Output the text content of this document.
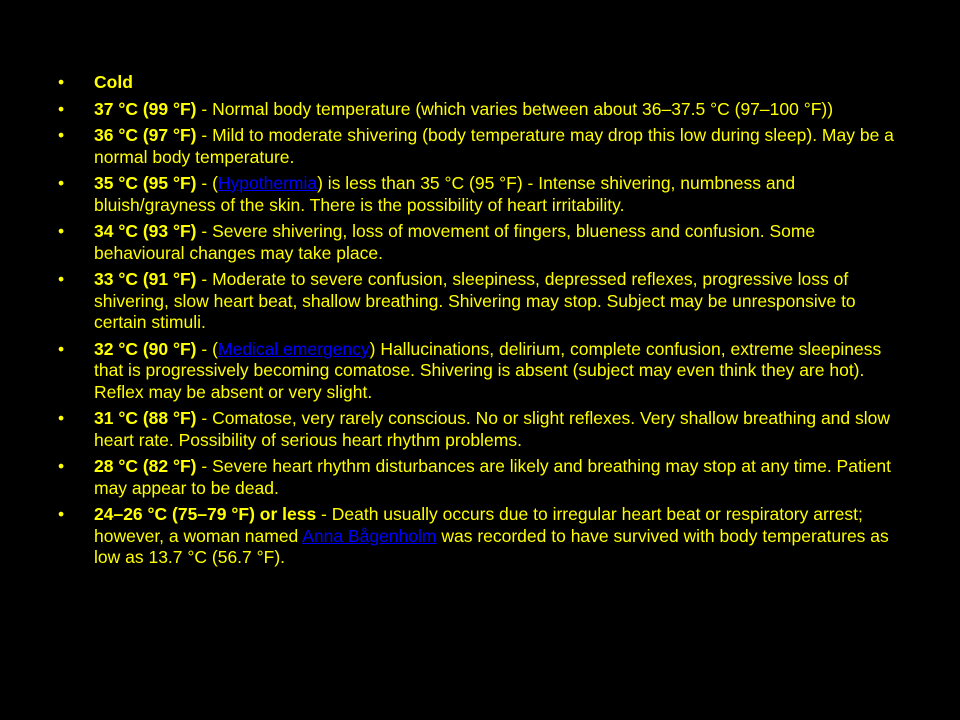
• Cold
• 37 °C (99 °F) - Normal body temperature (which varies between about 36–37.5 °C (97–100 °F))
• 36 °C (97 °F) - Mild to moderate shivering (body temperature may drop this low during sleep). May be a normal body temperature.
• 35 °C (95 °F) - (Hypothermia) is less than 35 °C (95 °F) - Intense shivering, numbness and bluish/grayness of the skin. There is the possibility of heart irritability.
• 34 °C (93 °F) - Severe shivering, loss of movement of fingers, blueness and confusion. Some behavioural changes may take place.
• 33 °C (91 °F) - Moderate to severe confusion, sleepiness, depressed reflexes, progressive loss of shivering, slow heart beat, shallow breathing. Shivering may stop. Subject may be unresponsive to certain stimuli.
• 32 °C (90 °F) - (Medical emergency) Hallucinations, delirium, complete confusion, extreme sleepiness that is progressively becoming comatose. Shivering is absent (subject may even think they are hot). Reflex may be absent or very slight.
• 31 °C (88 °F) - Comatose, very rarely conscious. No or slight reflexes. Very shallow breathing and slow heart rate. Possibility of serious heart rhythm problems.
• 28 °C (82 °F) - Severe heart rhythm disturbances are likely and breathing may stop at any time. Patient may appear to be dead.
• 24–26 °C (75–79 °F) or less - Death usually occurs due to irregular heart beat or respiratory arrest; however, a woman named Anna Bågenholm was recorded to have survived with body temperatures as low as 13.7 °C (56.7 °F).
